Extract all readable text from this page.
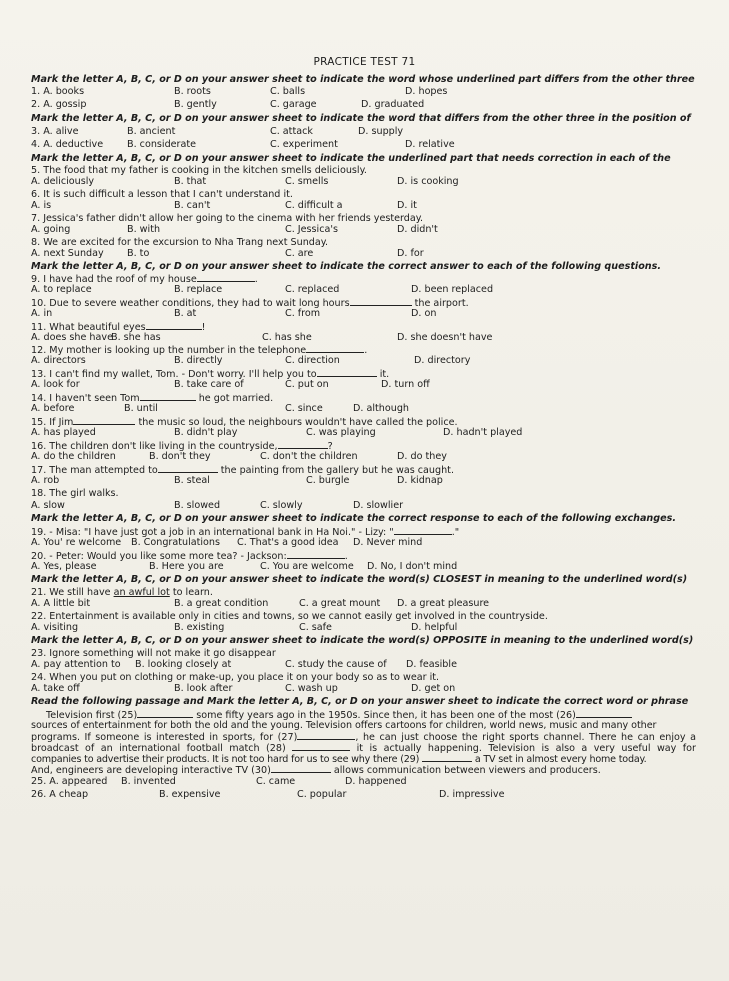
PRACTICE TEST 71
Mark the letter A, B, C, or D on your answer sheet to indicate the word whose underlined part differs from the other three
1. A. books	B. roots	C. balls	D. hopes
2. A. gossip	B. gently	C. garage	D. graduated
Mark the letter A, B, C, or D on your answer sheet to indicate the word that differs from the other three in the position of
3. A. alive	B. ancient	C. attack	D. supply
4. A. deductive B. considerate	C. experiment	D. relative
Mark the letter A, B, C, or D on your answer sheet to indicate the underlined part that needs correction in each of the
5. The food that my father is cooking in the kitchen smells deliciously.
A. deliciously	B. that	C. smells	D. is cooking
6. It is such difficult a lesson that I can't understand it.
A. is	B. can't	C. difficult a	D. it
7. Jessica's father didn't allow her going to the cinema with her friends yesterday.
A. going	B. with	C. Jessica's	D. didn't
8. We are excited for the excursion to Nha Trang next Sunday.
A. next Sunday B. to	C. are	D. for
Mark the letter A, B, C, or D on your answer sheet to indicate the correct answer to each of the following questions.
9. I have had the roof of my house	.
A. to replace	B. replace	C. replaced	D. been replaced
10. Due to severe weather conditions, they had to wait long hours	the airport.
A. in	B. at	C. from	D. on
11. What beautiful eyes	!
A. does she have
B. she has	C. has she	D. she doesn't have
12. My mother is looking up the number in the telephone	.
A. directors	B. directly	C. direction	D. directory
13. I can't find my wallet, Tom. - Don't worry. I'll help you to	it.
A. look for	B. take care of	C. put on	D. turn off
14. I haven't seen Tom	he got married.
A. before	B. until	C. since	D. although
15. If Jim	the music so loud, the neighbours wouldn't have called the police.
A. has played	B. didn't play	C. was playing	D. hadn't played
16. The children don't like living in the countryside,	?
A. do the children	B. don't they	C. don't the children	D. do they
17. The man attempted to	the painting from the gallery but he was caught.
A. rob	B. steal	C. burgle	D. kidnap
18. The girl walks.
A. slow	B. slowed	C. slowly	D. slowlier
Mark the letter A, B, C, or D on your answer sheet to indicate the correct response to each of the following exchanges.
19. - Misa: "I have just got a job in an international bank in Ha Noi." - Lizy: "	."
A. You' re welcome B. Congratulations C. That's a good idea D. Never mind
20. - Peter: Would you like some more tea? - Jackson:	.
A. Yes, please	B. Here you are	C. You are welcome D. No, I don't mind
Mark the letter A, B, C, or D on your answer sheet to indicate the word(s) CLOSEST in meaning to the underlined word(s)
21. We still have an awful lot to learn.
A. A little bit	B. a great condition	C. a great mount D. a great pleasure
22. Entertainment is available only in cities and towns, so we cannot easily get involved in the countryside.
A. visiting	B. existing	C. safe	D. helpful
Mark the letter A, B, C, or D on your answer sheet to indicate the word(s) OPPOSITE in meaning to the underlined word(s)
23. Ignore something will not make it go disappear
A. pay attention to B. looking closely at	C. study the cause of D. feasible
24. When you put on clothing or make-up, you place it on your body so as to wear it.
A. take off	B. look after	C. wash up	D. get on
Read the following passage and Mark the letter A, B, C, or D on your answer sheet to indicate the correct word or phrase
Television first (25)	some fifty years ago in the 1950s. Since then, it has been one of the most (26)
sources of entertainment for both the old and the young. Television offers cartoons for children, world news, music and many other
programs. If someone is interested in sports, for (27)	, he can just choose the right sports channel. There he can enjoy a
broadcast of an international football match (28)	it is actually happening. Television is also a very useful way for
companies to advertise their products. It is not too hard for us to see why there (29)	a TV set in almost every home today.
And, engineers are developing interactive TV (30)	allows communication between viewers and producers.
25. A. appeared B. invented	C. came	D. happened
26. A cheap	B. expensive	C. popular	D. impressive
